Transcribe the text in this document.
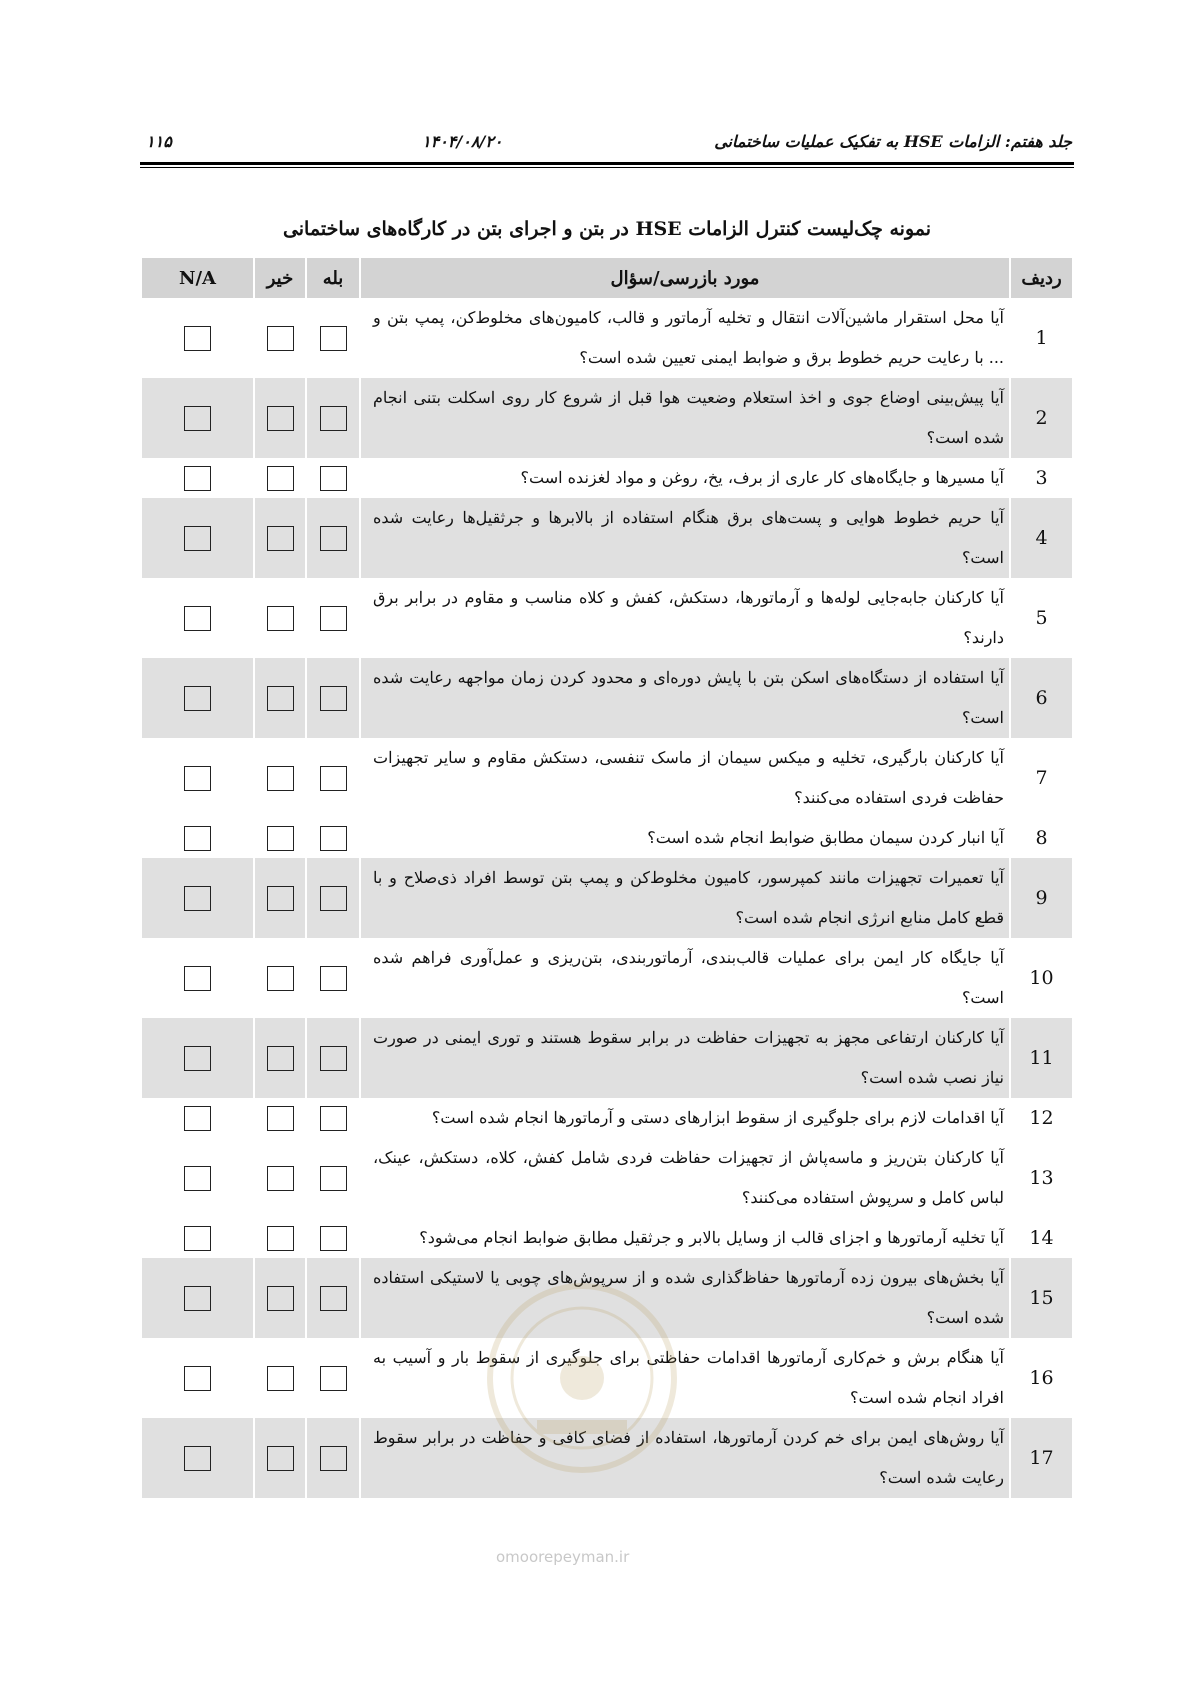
۱۱۵	۱۴۰۴/۰۸/۲۰	جلد هفتم: الزامات HSE به تفکیک عملیات ساختمانی
نمونه چک‌لیست کنترل الزامات HSE در بتن و اجرای بتن در کارگاه‌های ساختمانی
ردیف	مورد بازرسی/سؤال	بله	خیر	N/A
1	آیا محل استقرار ماشین‌آلات انتقال و تخلیه آرماتور و قالب، کامیون‌های مخلوط‌کن، پمپ بتن و ... با رعایت حریم خطوط برق و ضوابط ایمنی تعیین شده است؟			
2	آیا پیش‌بینی اوضاع جوی و اخذ استعلام وضعیت هوا قبل از شروع کار روی اسکلت بتنی انجام شده است؟			
3	آیا مسیرها و جایگاه‌های کار عاری از برف، یخ، روغن و مواد لغزنده است؟			
4	آیا حریم خطوط هوایی و پست‌های برق هنگام استفاده از بالابرها و جرثقیل‌ها رعایت شده است؟			
5	آیا کارکنان جابه‌جایی لوله‌ها و آرماتورها، دستکش، کفش و کلاه مناسب و مقاوم در برابر برق دارند؟			
6	آیا استفاده از دستگاه‌های اسکن بتن با پایش دوره‌ای و محدود کردن زمان مواجهه رعایت شده است؟			
7	آیا کارکنان بارگیری، تخلیه و میکس سیمان از ماسک تنفسی، دستکش مقاوم و سایر تجهیزات حفاظت فردی استفاده می‌کنند؟			
8	آیا انبار کردن سیمان مطابق ضوابط انجام شده است؟			
9	آیا تعمیرات تجهیزات مانند کمپرسور، کامیون مخلوط‌کن و پمپ بتن توسط افراد ذی‌صلاح و با قطع کامل منابع انرژی انجام شده است؟			
10	آیا جایگاه کار ایمن برای عملیات قالب‌بندی، آرماتوربندی، بتن‌ریزی و عمل‌آوری فراهم شده است؟			
11	آیا کارکنان ارتفاعی مجهز به تجهیزات حفاظت در برابر سقوط هستند و توری ایمنی در صورت نیاز نصب شده است؟			
12	آیا اقدامات لازم برای جلوگیری از سقوط ابزارهای دستی و آرماتورها انجام شده است؟			
13	آیا کارکنان بتن‌ریز و ماسه‌پاش از تجهیزات حفاظت فردی شامل کفش، کلاه، دستکش، عینک، لباس کامل و سرپوش استفاده می‌کنند؟			
14	آیا تخلیه آرماتورها و اجزای قالب از وسایل بالابر و جرثقیل مطابق ضوابط انجام می‌شود؟			
15	آیا بخش‌های بیرون زده آرماتورها حفاظ‌گذاری شده و از سرپوش‌های چوبی یا لاستیکی استفاده شده است؟			
16	آیا هنگام برش و خم‌کاری آرماتورها اقدامات حفاظتی برای جلوگیری از سقوط بار و آسیب به افراد انجام شده است؟			
17	آیا روش‌های ایمن برای خم کردن آرماتورها، استفاده از فضای کافی و حفاظت در برابر سقوط رعایت شده است؟			
omoorepeyman.ir
